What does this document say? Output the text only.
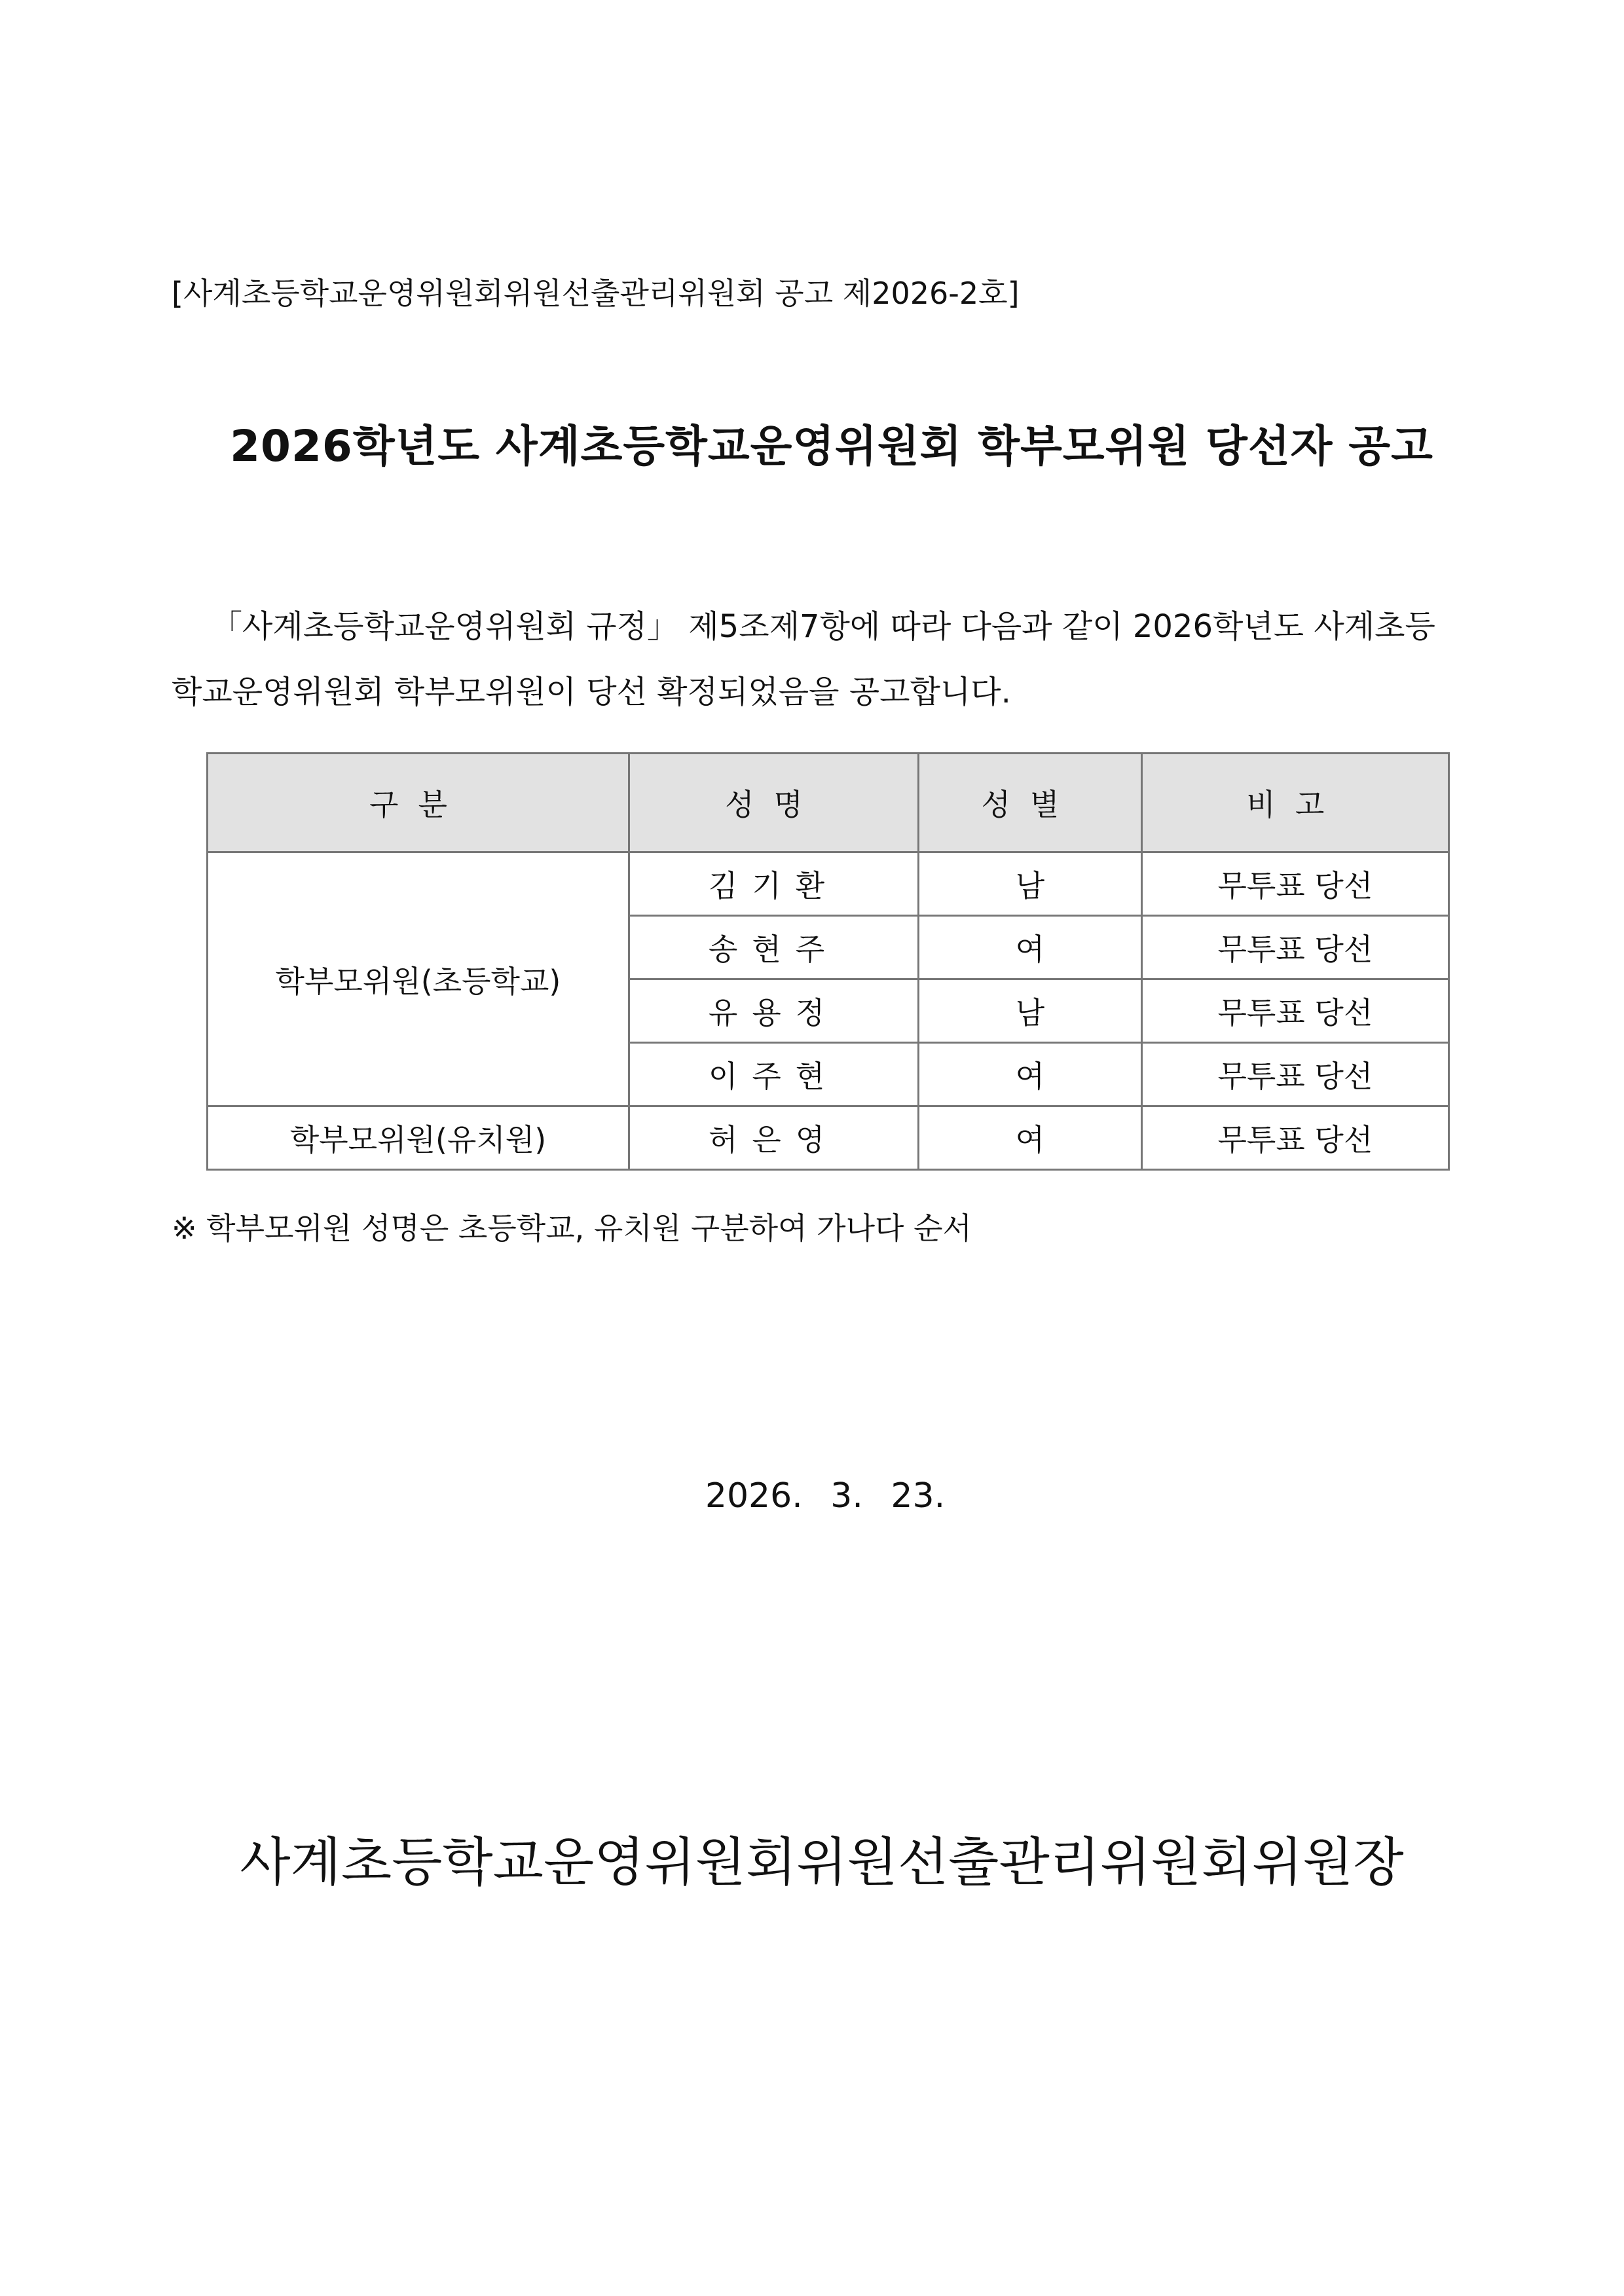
[사계초등학교운영위원회위원선출관리위원회 공고 제2026-2호]
2026학년도 사계초등학교운영위원회 학부모위원 당선자 공고
「사계초등학교운영위원회 규정」 제5조제7항에 따라 다음과 같이 2026학년도 사계초등
학교운영위원회 학부모위원이 당선 확정되었음을 공고합니다.
구분	성명	성별	비고
학부모위원(초등학교)	김기환	남	무투표 당선
	송현주	여	무투표 당선
	유용정	남	무투표 당선
	이주현	여	무투표 당선
학부모위원(유치원)	허은영	여	무투표 당선
※ 학부모위원 성명은 초등학교, 유치원 구분하여 가나다 순서
2026. 3. 23.
사계초등학교운영위원회위원선출관리위원회위원장
